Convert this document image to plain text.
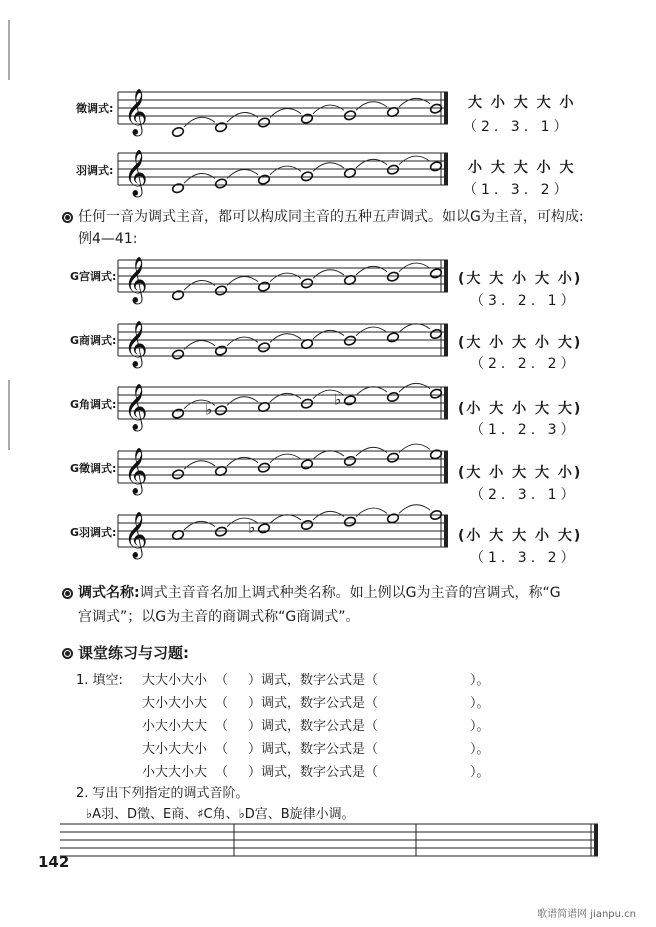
徵调式: 𝄞	大 小 大 大 小
（2. 3. 1）
羽调式: 𝄞	小 大 大 小 大
（1. 3. 2）
任何一音为调式主音，都可以构成同主音的五种五声调式。如以G为主音，可构成:
例4—41:
G宫调式: 𝄞	(大 大 小 大 小)
（3. 2. 1）
G商调式: 𝄞	(大 小 大 小 大)
（2. 2. 2）
G角调式: 𝄞	♭
♭
(小 大 小 大 大)
（1. 2. 3）
G徵调式: 𝄞	(大 小 大 大 小)
（2. 3. 1）
G羽调式: 𝄞	♭	(小 大 大 小 大)
（1. 3. 2）
调式名称:调式主音音名加上调式种类名称。如上例以G为主音的宫调式，称“G
宫调式”；以G为主音的商调式称“G商调式”。
课堂练习与习题:
1. 填空: 大大小大小 （ ）调式，数字公式是（	）。
大小大小大 （ ）调式，数字公式是（	）。
小大小大大 （ ）调式，数字公式是（	）。
大小大大小 （ ）调式，数字公式是（	）。
小大大小大 （ ）调式，数字公式是（	）。
2. 写出下列指定的调式音阶。
♭A羽、D徵、E商、♯C角、♭D宫、B旋律小调。
142
歌谱简谱网 jianpu.cn
